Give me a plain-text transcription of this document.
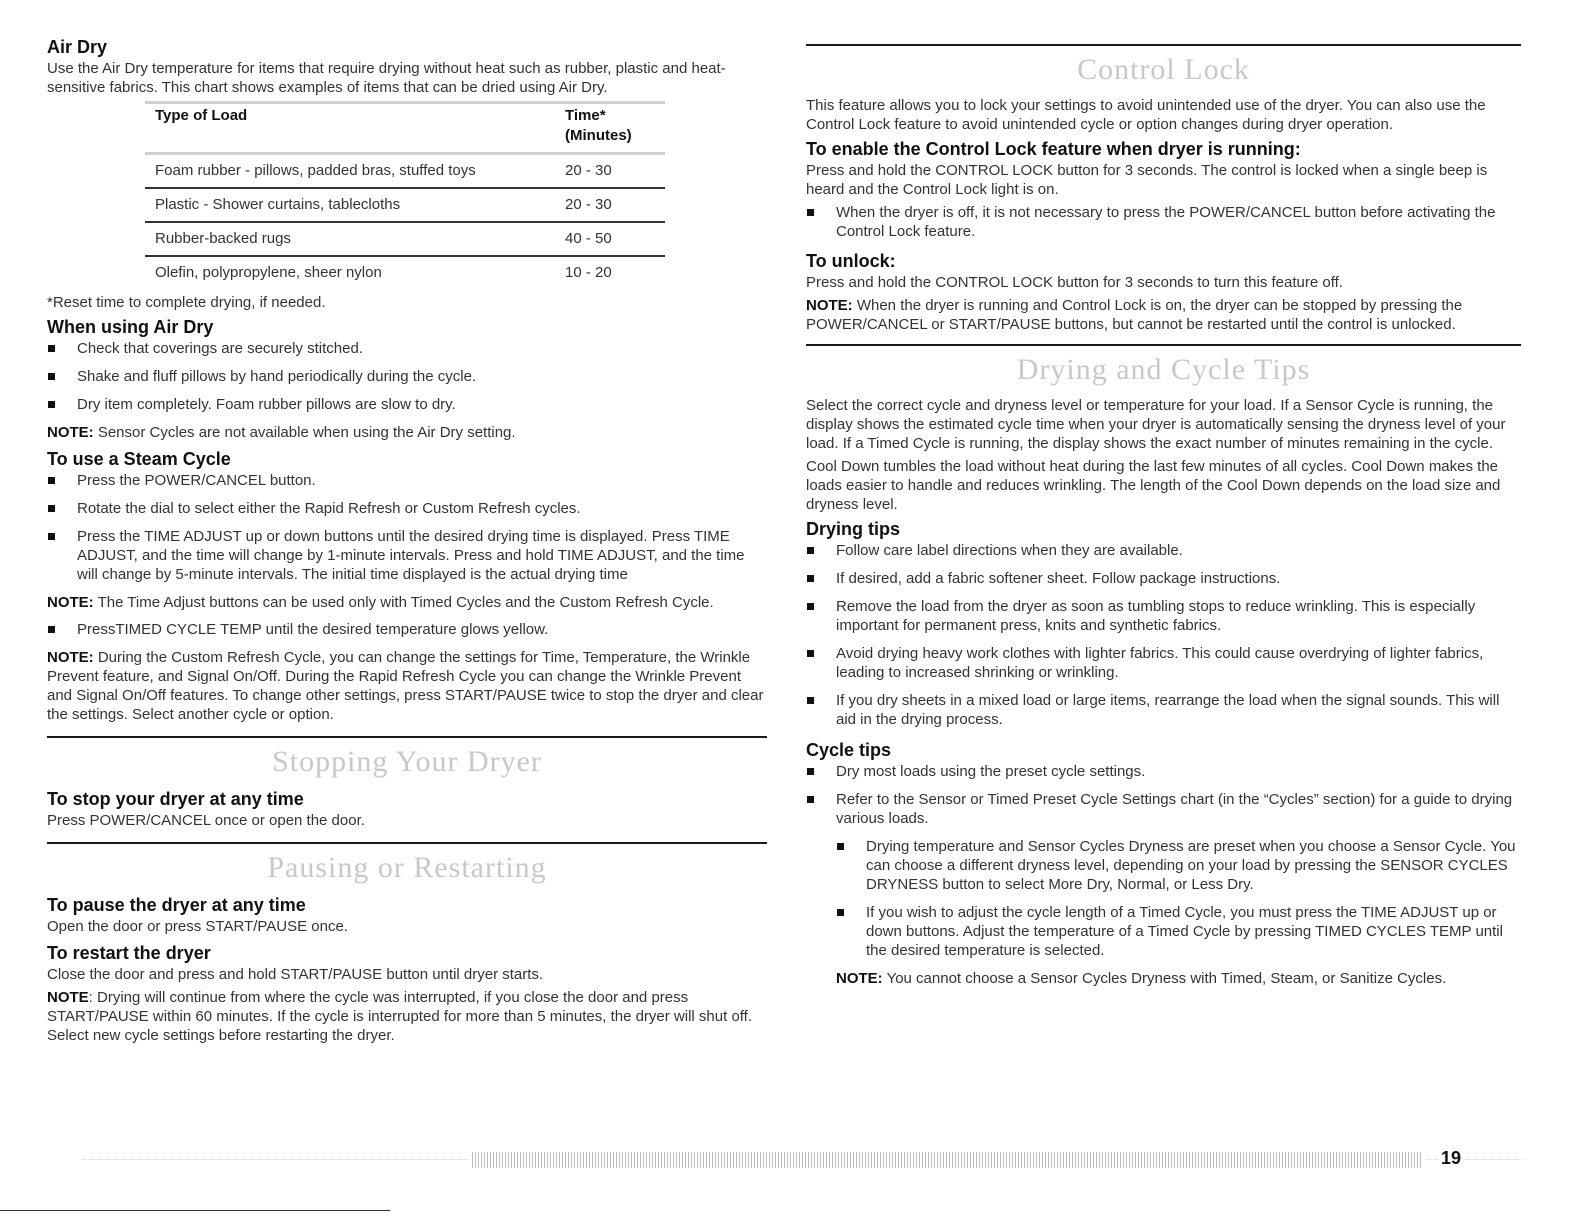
Air Dry

Use the Air Dry temperature for items that require drying without heat such as rubber, plastic and heat-sensitive fabrics. This chart shows examples of items that can be dried using Air Dry.

Type of Load	Time*
(Minutes)
Foam rubber - pillows, padded bras, stuffed toys	20 - 30
Plastic - Shower curtains, tablecloths	20 - 30
Rubber-backed rugs	40 - 50
Olefin, polypropylene, sheer nylon	10 - 20

*Reset time to complete drying, if needed.

When using Air Dry
Check that coverings are securely stitched.
Shake and fluff pillows by hand periodically during the cycle.
Dry item completely. Foam rubber pillows are slow to dry.

NOTE: Sensor Cycles are not available when using the Air Dry setting.

To use a Steam Cycle
Press the POWER/CANCEL button.
Rotate the dial to select either the Rapid Refresh or Custom Refresh cycles.
Press the TIME ADJUST up or down buttons until the desired drying time is displayed. Press TIME ADJUST, and the time will change by 1-minute intervals. Press and hold TIME ADJUST, and the time will change by 5-minute intervals. The initial time displayed is the actual drying time

NOTE: The Time Adjust buttons can be used only with Timed Cycles and the Custom Refresh Cycle.

PressTIMED CYCLE TEMP until the desired temperature glows yellow.

NOTE: During the Custom Refresh Cycle, you can change the settings for Time, Temperature, the Wrinkle Prevent feature, and Signal On/Off. During the Rapid Refresh Cycle you can change the Wrinkle Prevent and Signal On/Off features. To change other settings, press START/PAUSE twice to stop the dryer and clear the settings. Select another cycle or option.

Stopping Your Dryer
To stop your dryer at any time

Press POWER/CANCEL once or open the door.

Pausing or Restarting
To pause the dryer at any time

Open the door or press START/PAUSE once.

To restart the dryer

Close the door and press and hold START/PAUSE button until dryer starts.

NOTE: Drying will continue from where the cycle was interrupted, if you close the door and press START/PAUSE within 60 minutes. If the cycle is interrupted for more than 5 minutes, the dryer will shut off. Select new cycle settings before restarting the dryer.

Control Lock

This feature allows you to lock your settings to avoid unintended use of the dryer. You can also use the Control Lock feature to avoid unintended cycle or option changes during dryer operation.

To enable the Control Lock feature when dryer is running:

Press and hold the CONTROL LOCK button for 3 seconds. The control is locked when a single beep is heard and the Control Lock light is on.

When the dryer is off, it is not necessary to press the POWER/CANCEL button before activating the Control Lock feature.
To unlock:

Press and hold the CONTROL LOCK button for 3 seconds to turn this feature off.

NOTE: When the dryer is running and Control Lock is on, the dryer can be stopped by pressing the POWER/CANCEL or START/PAUSE buttons, but cannot be restarted until the control is unlocked.

Drying and Cycle Tips

Select the correct cycle and dryness level or temperature for your load. If a Sensor Cycle is running, the display shows the estimated cycle time when your dryer is automatically sensing the dryness level of your load. If a Timed Cycle is running, the display shows the exact number of minutes remaining in the cycle.

Cool Down tumbles the load without heat during the last few minutes of all cycles. Cool Down makes the loads easier to handle and reduces wrinkling. The length of the Cool Down depends on the load size and dryness level.

Drying tips
Follow care label directions when they are available.
If desired, add a fabric softener sheet. Follow package instructions.
Remove the load from the dryer as soon as tumbling stops to reduce wrinkling. This is especially important for permanent press, knits and synthetic fabrics.
Avoid drying heavy work clothes with lighter fabrics. This could cause overdrying of lighter fabrics, leading to increased shrinking or wrinkling.
If you dry sheets in a mixed load or large items, rearrange the load when the signal sounds. This will aid in the drying process.
Cycle tips
Dry most loads using the preset cycle settings.
Refer to the Sensor or Timed Preset Cycle Settings chart (in the “Cycles” section) for a guide to drying various loads.
Drying temperature and Sensor Cycles Dryness are preset when you choose a Sensor Cycle. You can choose a different dryness level, depending on your load by pressing the SENSOR CYCLES DRYNESS button to select More Dry, Normal, or Less Dry.
If you wish to adjust the cycle length of a Timed Cycle, you must press the TIME ADJUST up or down buttons. Adjust the temperature of a Timed Cycle by pressing TIMED CYCLES TEMP until the desired temperature is selected.

NOTE: You cannot choose a Sensor Cycles Dryness with Timed, Steam, or Sanitize Cycles.

19
